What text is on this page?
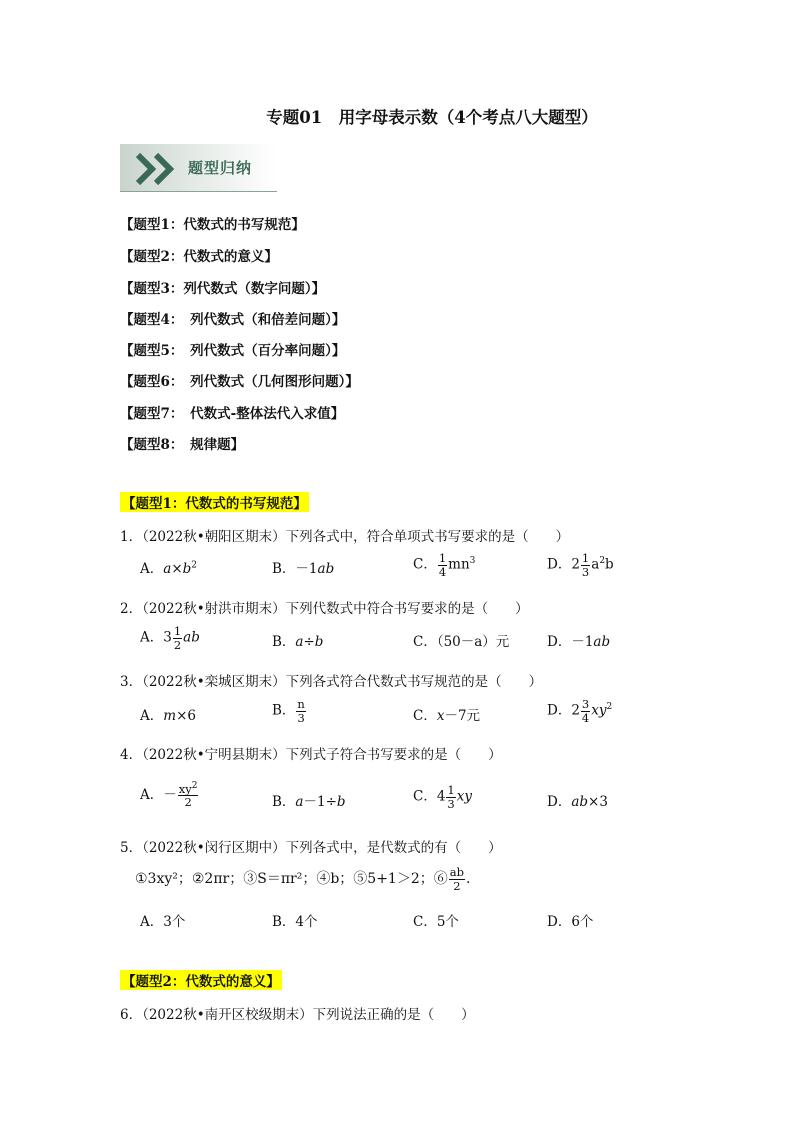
专题01　用字母表示数（4个考点八大题型）
题型归纳
【题型1：代数式的书写规范】
【题型2：代数式的意义】
【题型3：列代数式（数字问题）】
【题型4：　列代数式（和倍差问题）】
【题型5：　列代数式（百分率问题）】
【题型6：　列代数式（几何图形问题）】
【题型7：　代数式-整体法代入求值】
【题型8：　规律题】
【题型1：代数式的书写规范】
1．（2022秋•朝阳区期末）下列各式中，符合单项式书写要求的是（　　）
A．$a\times b^2$	B．－1ab	C． $\frac{1}{4} mn^3$	D．$2 \frac{1}{3} a^2b$
2．（2022秋•射洪市期末）下列代数式中符合书写要求的是（　　）
A．$3 \frac{1}{2}$ ab	B．a÷b	C．（50－a）元	D．－1ab
3．（2022秋•栾城区期末）下列各式符合代数式书写规范的是（　　）
A．m×6	B． $\frac{n}{3}$	C．x－7元	D．$2 \frac{3}{4} xy^2$
4．（2022秋•宁明县期末）下列式子符合书写要求的是（　　）
A．－ $\frac{xy^2}{2}$	B．a－1÷b	C．$4 \frac{1}{3}$ xy	D．ab×3
5．（2022秋•闵行区期中）下列各式中，是代数式的有（　　）
①3xy²；②2πr；③S＝πr²；④b；⑤5+1＞2；⑥ $\frac{ab}{2}$ .
A．3个	B．4个	C．5个	D．6个
【题型2：代数式的意义】
6．（2022秋•南开区校级期末）下列说法正确的是（　　）
